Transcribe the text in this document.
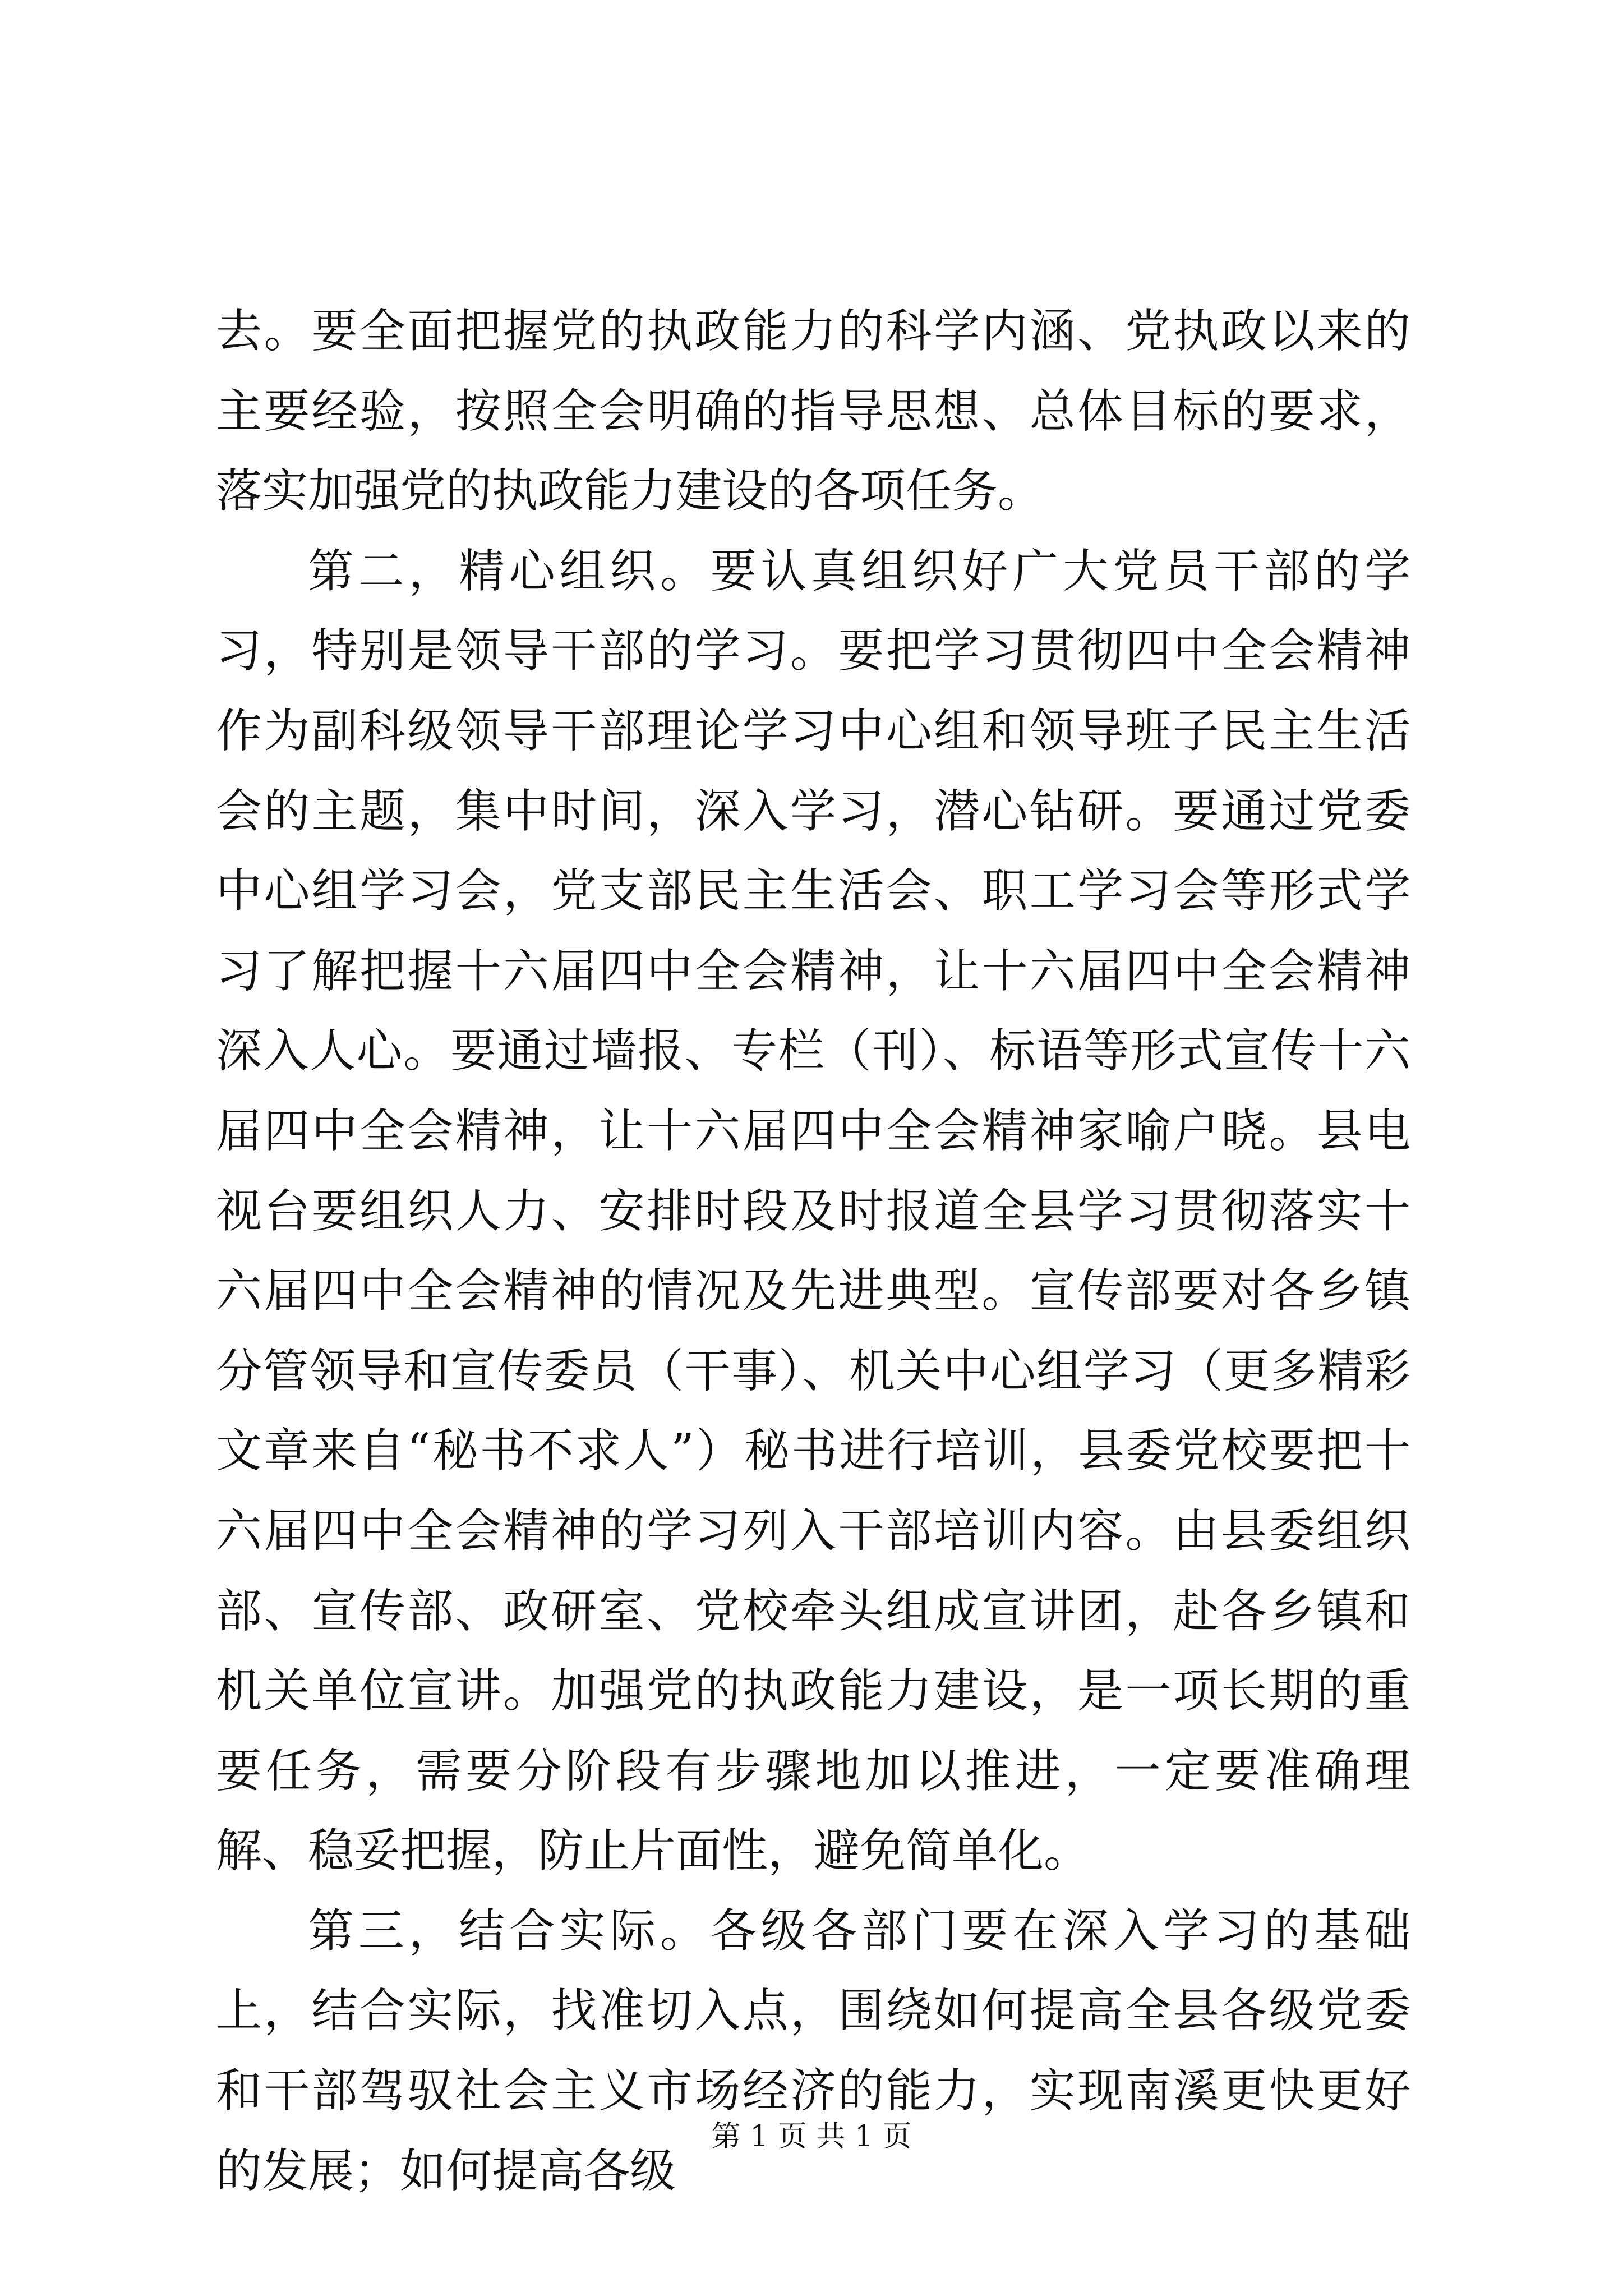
去。要全面把握党的执政能力的科学内涵、党执政以来的主要经验，按照全会明确的指导思想、总体目标的要求，落实加强党的执政能力建设的各项任务。

第二，精心组织。要认真组织好广大党员干部的学习，特别是领导干部的学习。要把学习贯彻四中全会精神作为副科级领导干部理论学习中心组和领导班子民主生活会的主题，集中时间，深入学习，潜心钻研。要通过党委中心组学习会，党支部民主生活会、职工学习会等形式学习了解把握十六届四中全会精神，让十六届四中全会精神深入人心。要通过墙报、专栏（刊）、标语等形式宣传十六届四中全会精神，让十六届四中全会精神家喻户晓。县电视台要组织人力、安排时段及时报道全县学习贯彻落实十六届四中全会精神的情况及先进典型。宣传部要对各乡镇分管领导和宣传委员（干事）、机关中心组学习（更多精彩文章来自“秘书不求人”）秘书进行培训，县委党校要把十六届四中全会精神的学习列入干部培训内容。由县委组织部、宣传部、政研室、党校牵头组成宣讲团，赴各乡镇和机关单位宣讲。加强党的执政能力建设，是一项长期的重要任务，需要分阶段有步骤地加以推进，一定要准确理解、稳妥把握，防止片面性，避免简单化。

第三，结合实际。各级各部门要在深入学习的基础上，结合实际，找准切入点，围绕如何提高全县各级党委和干部驾驭社会主义市场经济的能力，实现南溪更快更好的发展；如何提高各级

第 1 页 共 1 页
